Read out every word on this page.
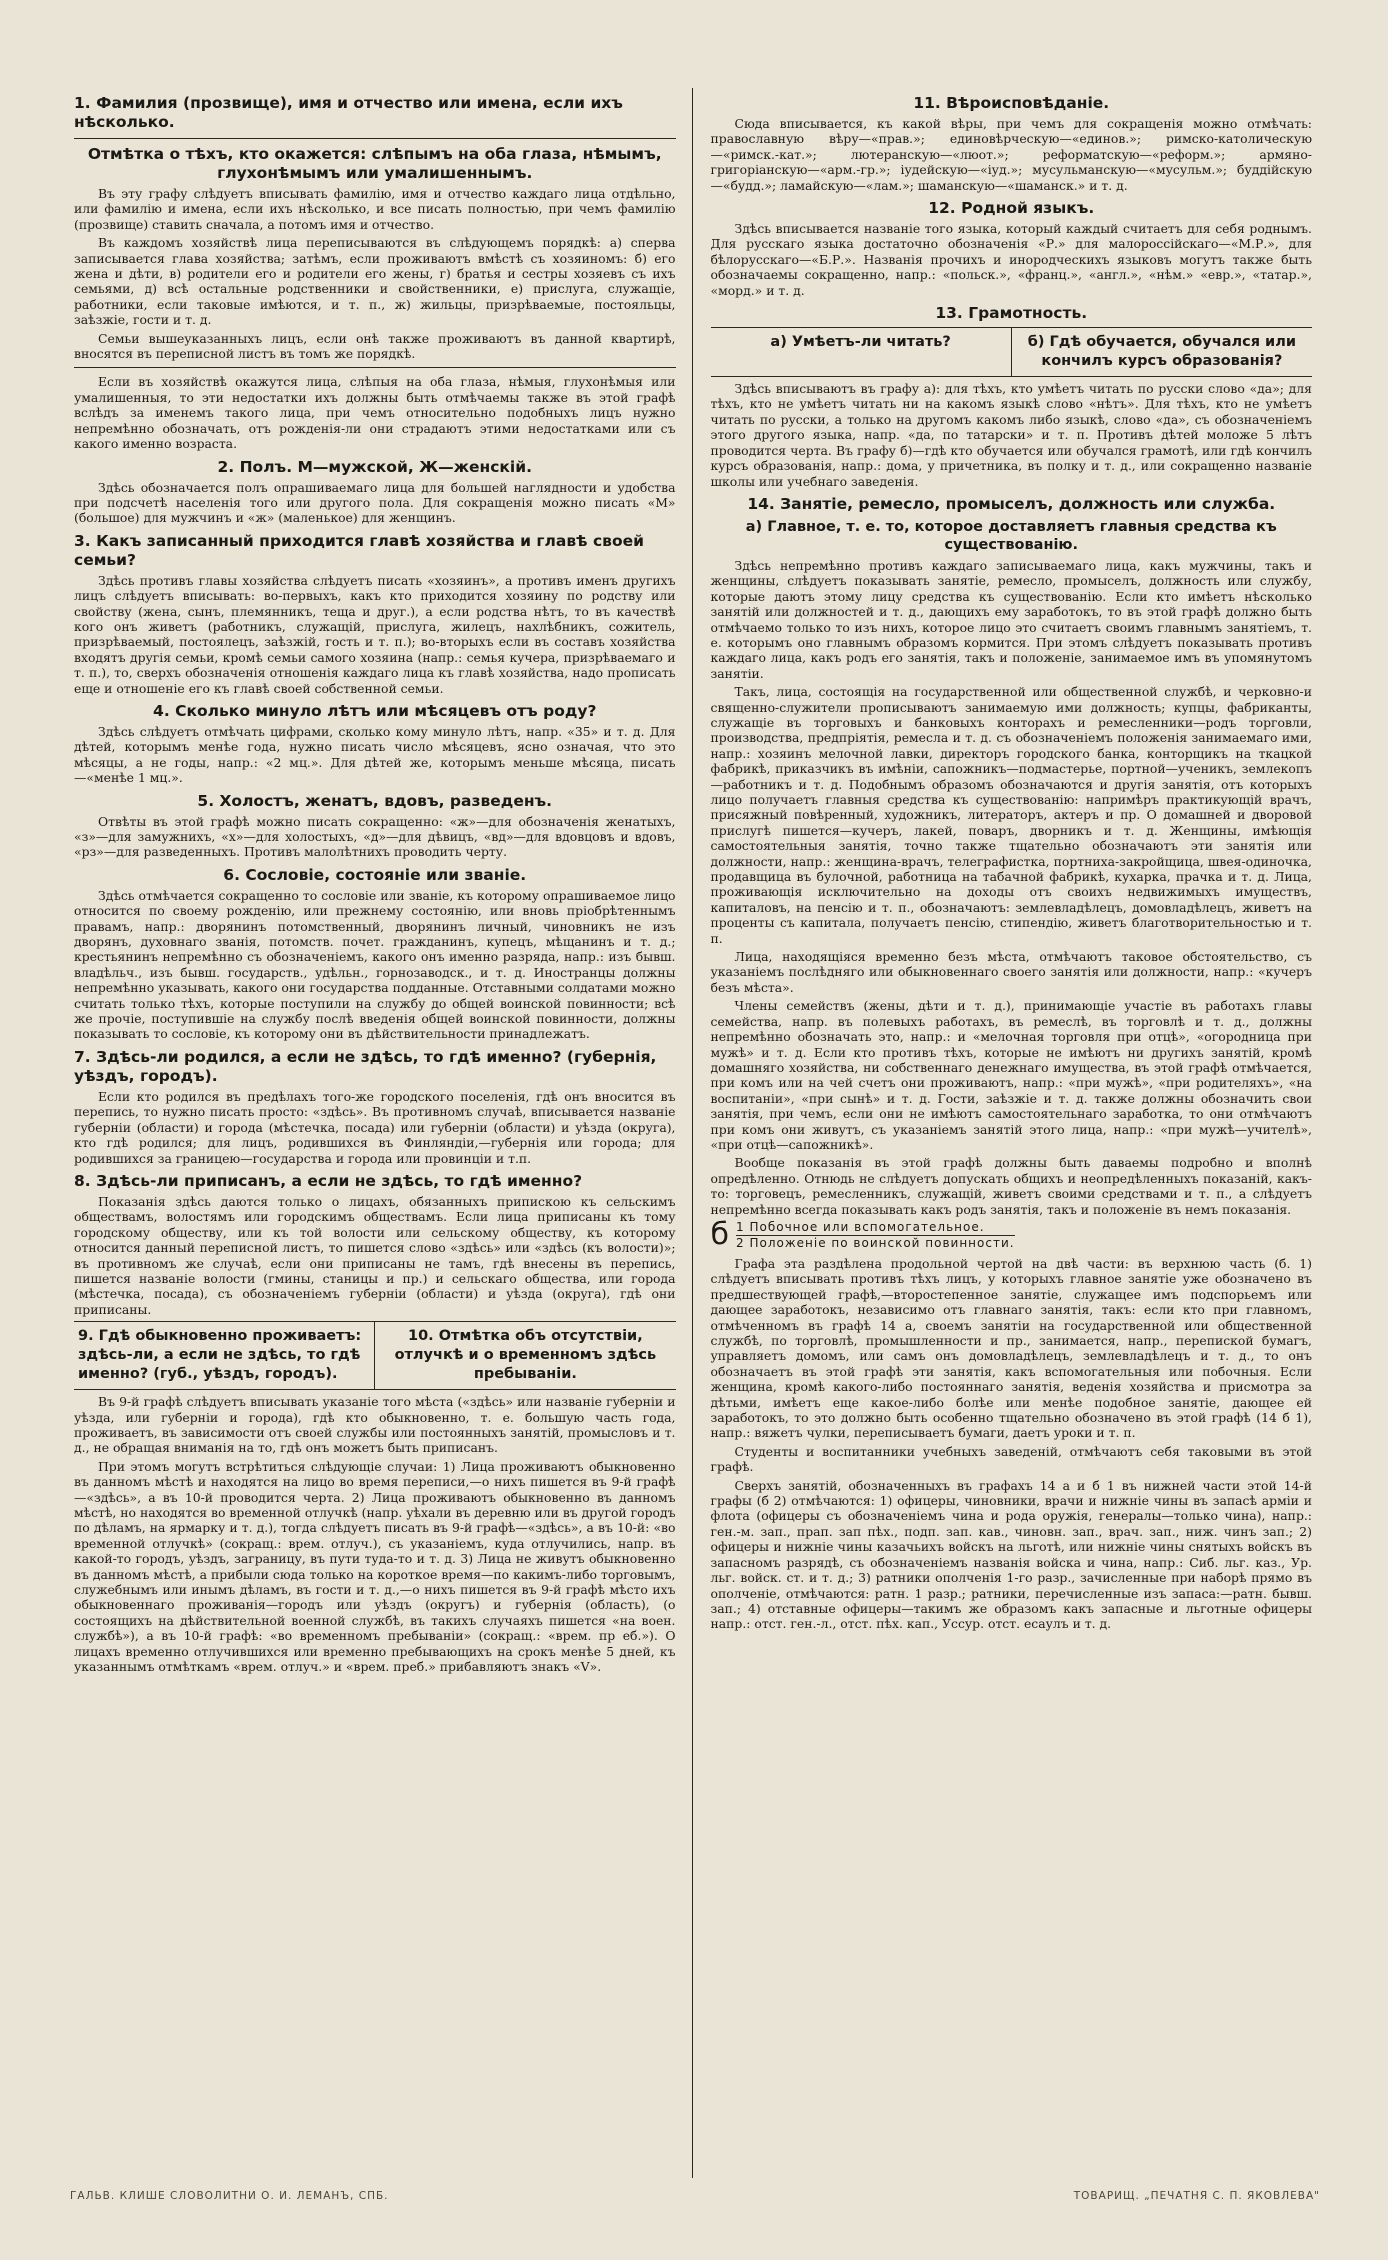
1. Фамилия (прозвище), имя и отчество или имена, если ихъ нѣсколько.
Отмѣтка о тѣхъ, кто окажется: слѣпымъ на оба глаза, нѣмымъ, глухонѣмымъ или умалишеннымъ.

Въ эту графу слѣдуетъ вписывать фамилію, имя и отчество каждаго лица отдѣльно, или фамилію и имена, если ихъ нѣсколько, и все писать полностью, при чемъ фамилію (прозвище) ставить сначала, а потомъ имя и отчество.

Въ каждомъ хозяйствѣ лица переписываются въ слѣдующемъ порядкѣ: а) сперва записывается глава хозяйства; затѣмъ, если проживаютъ вмѣстѣ съ хозяиномъ: б) его жена и дѣти, в) родители его и родители его жены, г) братья и сестры хозяевъ съ ихъ семьями, д) всѣ остальные родственники и свойственники, е) прислуга, служащіе, работники, если таковые имѣются, и т. п., ж) жильцы, призрѣваемые, постояльцы, заѣзжіе, гости и т. д.

Семьи вышеуказанныхъ лицъ, если онѣ также проживаютъ въ данной квартирѣ, вносятся въ переписной листъ въ томъ же порядкѣ.

Если въ хозяйствѣ окажутся лица, слѣпыя на оба глаза, нѣмыя, глухонѣмыя или умалишенныя, то эти недостатки ихъ должны быть отмѣчаемы также въ этой графѣ вслѣдъ за именемъ такого лица, при чемъ относительно подобныхъ лицъ нужно непремѣнно обозначать, отъ рожденія-ли они страдаютъ этими недостатками или съ какого именно возраста.

2. Полъ. М—мужской, Ж—женскій.

Здѣсь обозначается полъ опрашиваемаго лица для большей наглядности и удобства при подсчетѣ населенія того или другого пола. Для сокращенія можно писать «М» (большое) для мужчинъ и «ж» (маленькое) для женщинъ.

3. Какъ записанный приходится главѣ хозяйства и главѣ своей семьи?

Здѣсь противъ главы хозяйства слѣдуетъ писать «хозяинъ», а противъ именъ другихъ лицъ слѣдуетъ вписывать: во-первыхъ, какъ кто приходится хозяину по родству или свойству (жена, сынъ, племянникъ, теща и друг.), а если родства нѣтъ, то въ качествѣ кого онъ живетъ (работникъ, служащій, прислуга, жилецъ, нахлѣбникъ, сожитель, призрѣваемый, постоялецъ, заѣзжій, гость и т. п.); во-вторыхъ если въ составъ хозяйства входятъ другія семьи, кромѣ семьи самого хозяина (напр.: семья кучера, призрѣваемаго и т. п.), то, сверхъ обозначенія отношенія каждаго лица къ главѣ хозяйства, надо прописать еще и отношеніе его къ главѣ своей собственной семьи.

4. Сколько минуло лѣтъ или мѣсяцевъ отъ роду?

Здѣсь слѣдуетъ отмѣчать цифрами, сколько кому минуло лѣтъ, напр. «35» и т. д. Для дѣтей, которымъ менѣе года, нужно писать число мѣсяцевъ, ясно означая, что это мѣсяцы, а не годы, напр.: «2 мц.». Для дѣтей же, которымъ меньше мѣсяца, писать—«менѣе 1 мц.».

5. Холостъ, женатъ, вдовъ, разведенъ.

Отвѣты въ этой графѣ можно писать сокращенно: «ж»—для обозначенія женатыхъ, «з»—для замужнихъ, «х»—для холостыхъ, «д»—для дѣвицъ, «вд»—для вдовцовъ и вдовъ, «рз»—для разведенныхъ. Противъ малолѣтнихъ проводить черту.

6. Сословіе, состояніе или званіе.

Здѣсь отмѣчается сокращенно то сословіе или званіе, къ которому опрашиваемое лицо относится по своему рожденію, или прежнему состоянію, или вновь пріобрѣтеннымъ правамъ, напр.: дворянинъ потомственный, дворянинъ личный, чиновникъ не изъ дворянъ, духовнаго званія, потомств. почет. гражданинъ, купецъ, мѣщанинъ и т. д.; крестьянинъ непремѣнно съ обозначеніемъ, какого онъ именно разряда, напр.: изъ бывш. владѣльч., изъ бывш. государств., удѣльн., горнозаводск., и т. д. Иностранцы должны непремѣнно указывать, какого они государства подданные. Отставными солдатами можно считать только тѣхъ, которые поступили на службу до общей воинской повинности; всѣ же прочіе, поступившіе на службу послѣ введенія общей воинской повинности, должны показывать то сословіе, къ которому они въ дѣйствительности принадлежатъ.

7. Здѣсь-ли родился, а если не здѣсь, то гдѣ именно? (губернія, уѣздъ, городъ).

Если кто родился въ предѣлахъ того-же городского поселенія, гдѣ онъ вносится въ перепись, то нужно писать просто: «здѣсь». Въ противномъ случаѣ, вписывается названіе губерніи (области) и города (мѣстечка, посада) или губерніи (области) и уѣзда (округа), кто гдѣ родился; для лицъ, родившихся въ Финляндіи,—губернія или города; для родившихся за границею—государства и города или провинціи и т.п.

8. Здѣсь-ли приписанъ, а если не здѣсь, то гдѣ именно?

Показанія здѣсь даются только о лицахъ, обязанныхъ припискою къ сельскимъ обществамъ, волостямъ или городскимъ обществамъ. Если лица приписаны къ тому городскому обществу, или къ той волости или сельскому обществу, къ которому относится данный переписной листъ, то пишется слово «здѣсь» или «здѣсь (къ волости)»; въ противномъ же случаѣ, если они приписаны не тамъ, гдѣ внесены въ перепись, пишется названіе волости (гмины, станицы и пр.) и сельскаго общества, или города (мѣстечка, посада), съ обозначеніемъ губерніи (области) и уѣзда (округа), гдѣ они приписаны.

9. Гдѣ обыкновенно проживаетъ: здѣсь-ли, а если не здѣсь, то гдѣ именно? (губ., уѣздъ, городъ).
10. Отмѣтка объ отсутствіи, отлучкѣ и о временномъ здѣсь пребываніи.

Въ 9-й графѣ слѣдуетъ вписывать указаніе того мѣста («здѣсь» или названіе губерніи и уѣзда, или губерніи и города), гдѣ кто обыкновенно, т. е. большую часть года, проживаетъ, въ зависимости отъ своей службы или постоянныхъ занятій, промысловъ и т. д., не обращая вниманія на то, гдѣ онъ можетъ быть приписанъ.

При этомъ могутъ встрѣтиться слѣдующіе случаи: 1) Лица проживаютъ обыкновенно въ данномъ мѣстѣ и находятся на лицо во время переписи,—о нихъ пишется въ 9-й графѣ—«здѣсь», а въ 10-й проводится черта. 2) Лица проживаютъ обыкновенно въ данномъ мѣстѣ, но находятся во временной отлучкѣ (напр. уѣхали въ деревню или въ другой городъ по дѣламъ, на ярмарку и т. д.), тогда слѣдуетъ писать въ 9-й графѣ—«здѣсь», а въ 10-й: «во временной отлучкѣ» (сокращ.: врем. отлуч.), съ указаніемъ, куда отлучились, напр. въ какой-то городъ, уѣздъ, заграницу, въ пути туда-то и т. д. 3) Лица не живутъ обыкновенно въ данномъ мѣстѣ, а прибыли сюда только на короткое время—по какимъ-либо торговымъ, служебнымъ или инымъ дѣламъ, въ гости и т. д.,—о нихъ пишется въ 9-й графѣ мѣсто ихъ обыкновеннаго проживанія—городъ или уѣздъ (округъ) и губернія (область), (о состоящихъ на дѣйствительной военной службѣ, въ такихъ случаяхъ пишется «на воен. службѣ»), а въ 10-й графѣ: «во временномъ пребываніи» (сокращ.: «врем. пр еб.»). О лицахъ временно отлучившихся или временно пребывающихъ на срокъ менѣе 5 дней, къ указаннымъ отмѣткамъ «врем. отлуч.» и «врем. преб.» прибавляютъ знакъ «V».

11. Вѣроисповѣданіе.

Сюда вписывается, къ какой вѣры, при чемъ для сокращенія можно отмѣчать: православную вѣру—«прав.»; единовѣрческую—«единов.»; римско-католическую—«римск.-кат.»; лютеранскую—«люот.»; реформатскую—«реформ.»; армяно-григоріанскую—«арм.-гр.»; іудейскую—«іуд.»; мусульманскую—«мусульм.»; буддійскую—«будд.»; ламайскую—«лам.»; шаманскую—«шаманск.» и т. д.

12. Родной языкъ.

Здѣсь вписывается названіе того языка, который каждый считаетъ для себя роднымъ. Для русскаго языка достаточно обозначенія «Р.» для малороссійскаго—«М.Р.», для бѣлорусскаго—«Б.Р.». Названія прочихъ и инородческихъ языковъ могутъ также быть обозначаемы сокращенно, напр.: «польск.», «франц.», «англ.», «нѣм.» «евр.», «татар.», «морд.» и т. д.

13. Грамотность.
а) Умѣетъ-ли читать?	б) Гдѣ обучается, обучался или кончилъ курсъ образованія?

Здѣсь вписываютъ въ графу а): для тѣхъ, кто умѣетъ читать по русски слово «да»; для тѣхъ, кто не умѣетъ читать ни на какомъ языкѣ слово «нѣтъ». Для тѣхъ, кто не умѣетъ читать по русски, а только на другомъ какомъ либо языкѣ, слово «да», съ обозначеніемъ этого другого языка, напр. «да, по татарски» и т. п. Противъ дѣтей моложе 5 лѣтъ проводится черта. Въ графу б)—гдѣ кто обучается или обучался грамотѣ, или гдѣ кончилъ курсъ образованія, напр.: дома, у причетника, въ полку и т. д., или сокращенно названіе школы или учебнаго заведенія.

14. Занятіе, ремесло, промыселъ, должность или служба.
а) Главное, т. е. то, которое доставляетъ главныя средства къ существованію.

Здѣсь непремѣнно противъ каждаго записываемаго лица, какъ мужчины, такъ и женщины, слѣдуетъ показывать занятіе, ремесло, промыселъ, должность или службу, которые даютъ этому лицу средства къ существованію. Если кто имѣетъ нѣсколько занятій или должностей и т. д., дающихъ ему заработокъ, то въ этой графѣ должно быть отмѣчаемо только то изъ нихъ, которое лицо это считаетъ своимъ главнымъ занятіемъ, т. е. которымъ оно главнымъ образомъ кормится. При этомъ слѣдуетъ показывать противъ каждаго лица, какъ родъ его занятія, такъ и положеніе, занимаемое имъ въ упомянутомъ занятіи.

Такъ, лица, состоящія на государственной или общественной службѣ, и черковно-и священно-служители прописываютъ занимаемую ими должность; купцы, фабриканты, служащіе въ торговыхъ и банковыхъ конторахъ и ремесленники—родъ торговли, производства, предпріятія, ремесла и т. д. съ обозначеніемъ положенія занимаемаго ими, напр.: хозяинъ мелочной лавки, директоръ городского банка, конторщикъ на ткацкой фабрикѣ, приказчикъ въ имѣніи, сапожникъ—подмастерье, портной—ученикъ, землекопъ—работникъ и т. д. Подобнымъ образомъ обозначаются и другія занятія, отъ которыхъ лицо получаетъ главныя средства къ существованію: напримѣръ практикующій врачъ, присяжный повѣренный, художникъ, литераторъ, актеръ и пр. О домашней и дворовой прислугѣ пишется—кучеръ, лакей, поваръ, дворникъ и т. д. Женщины, имѣющія самостоятельныя занятія, точно также тщательно обозначаютъ эти занятія или должности, напр.: женщина-врачъ, телеграфистка, портниха-закройщица, швея-одиночка, продавщица въ булочной, работница на табачной фабрикѣ, кухарка, прачка и т. д. Лица, проживающія исключительно на доходы отъ своихъ недвижимыхъ имуществъ, капиталовъ, на пенсію и т. п., обозначаютъ: землевладѣлецъ, домовладѣлецъ, живетъ на проценты съ капитала, получаетъ пенсію, стипендію, живетъ благотворительностью и т. п.

Лица, находящіяся временно безъ мѣста, отмѣчаютъ таковое обстоятельство, съ указаніемъ послѣдняго или обыкновеннаго своего занятія или должности, напр.: «кучеръ безъ мѣста».

Члены семействъ (жены, дѣти и т. д.), принимающіе участіе въ работахъ главы семейства, напр. въ полевыхъ работахъ, въ ремеслѣ, въ торговлѣ и т. д., должны непремѣнно обозначать это, напр.: и «мелочная торговля при отцѣ», «огородница при мужѣ» и т. д. Если кто противъ тѣхъ, которые не имѣютъ ни другихъ занятій, кромѣ домашняго хозяйства, ни собственнаго денежнаго имущества, въ этой графѣ отмѣчается, при комъ или на чей счетъ они проживаютъ, напр.: «при мужѣ», «при родителяхъ», «на воспитаніи», «при сынѣ» и т. д. Гости, заѣзжіе и т. д. также должны обозначить свои занятія, при чемъ, если они не имѣютъ самостоятельнаго заработка, то они отмѣчаютъ при комъ они живутъ, съ указаніемъ занятій этого лица, напр.: «при мужѣ—учителѣ», «при отцѣ—сапожникѣ».

Вообще показанія въ этой графѣ должны быть даваемы подробно и вполнѣ опредѣленно. Отнюдь не слѣдуетъ допускать общихъ и неопредѣленныхъ показаній, какъ-то: торговецъ, ремесленникъ, служащій, живетъ своими средствами и т. п., а слѣдуетъ непремѣнно всегда показывать какъ родъ занятія, такъ и положеніе въ немъ показанія.

б 1 Побочное или вспомогательное.
2 Положеніе по воинской повинности.

Графа эта раздѣлена продольной чертой на двѣ части: въ верхнюю часть (б. 1) слѣдуетъ вписывать противъ тѣхъ лицъ, у которыхъ главное занятіе уже обозначено въ предшествующей графѣ,—второстепенное занятіе, служащее имъ подспорьемъ или дающее заработокъ, независимо отъ главнаго занятія, такъ: если кто при главномъ, отмѣченномъ въ графѣ 14 а, своемъ занятіи на государственной или общественной службѣ, по торговлѣ, промышленности и пр., занимается, напр., перепиской бумагъ, управляетъ домомъ, или самъ онъ домовладѣлецъ, землевладѣлецъ и т. д., то онъ обозначаетъ въ этой графѣ эти занятія, какъ вспомогательныя или побочныя. Если женщина, кромѣ какого-либо постояннаго занятія, веденія хозяйства и присмотра за дѣтьми, имѣетъ еще какое-либо болѣе или менѣе подобное занятіе, дающее ей заработокъ, то это должно быть особенно тщательно обозначено въ этой графѣ (14 б 1), напр.: вяжетъ чулки, переписываетъ бумаги, даетъ уроки и т. п.

Студенты и воспитанники учебныхъ заведеній, отмѣчаютъ себя таковыми въ этой графѣ.

Сверхъ занятій, обозначенныхъ въ графахъ 14 а и б 1 въ нижней части этой 14-й графы (б 2) отмѣчаются: 1) офицеры, чиновники, врачи и нижніе чины въ запасѣ арміи и флота (офицеры съ обозначеніемъ чина и рода оружія, генералы—только чина), напр.: ген.-м. зап., прап. зап пѣх., подп. зап. кав., чиновн. зап., врач. зап., ниж. чинъ зап.; 2) офицеры и нижніе чины казачьихъ войскъ на льготѣ, или нижніе чины снятыхъ войскъ въ запасномъ разрядѣ, съ обозначеніемъ названія войска и чина, напр.: Сиб. льг. каз., Ур. льг. войск. ст. и т. д.; 3) ратники ополченія 1-го разр., зачисленные при наборѣ прямо въ ополченіе, отмѣчаются: ратн. 1 разр.; ратники, перечисленные изъ запаса:—ратн. бывш. зап.; 4) отставные офицеры—такимъ же образомъ какъ запасные и льготные офицеры напр.: отст. ген.-л., отст. пѣх. кап., Уссур. отст. есаулъ и т. д.

ГАЛЬВ. КЛИШЕ СЛОВОЛИТНИ О. И. ЛЕМАНЪ, СПБ.	ТОВАРИЩ. „ПЕЧАТНЯ С. П. ЯКОВЛЕВА"
